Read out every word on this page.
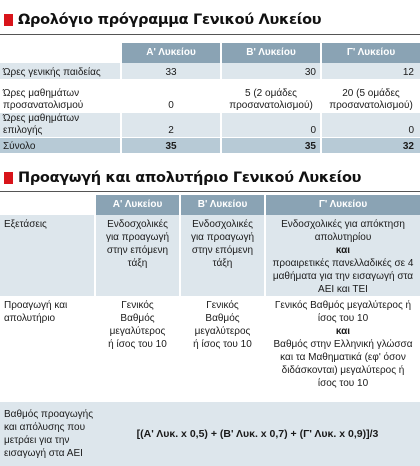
Ωρολόγιο πρόγραμμα Γενικού Λυκείου
	Α' Λυκείου	Β' Λυκείου	Γ' Λυκείου
Ώρες γενικής παιδείας	33	30	12
Ώρες μαθημάτων προσανατολισμού	0	5 (2 ομάδες προσανατολισμού)	20 (5 ομάδες προσανατολισμού)
Ώρες μαθημάτων επιλογής	2	0	0
Σύνολο	35	35	32
Προαγωγή και απολυτήριο Γενικού Λυκείου
	Α' Λυκείου	Β' Λυκείου	Γ' Λυκείου
Εξετάσεις	Ενδοσχολικές για προαγωγή στην επόμενη τάξη	Ενδοσχολικές για προαγωγή στην επόμενη τάξη	Ενδοσχολικές για απόκτηση απολυτηρίου
και
προαιρετικές πανελλαδικές σε 4 μαθήματα για την εισαγωγή στα ΑΕΙ και ΤΕΙ

Προαγωγή και απολυτήριο	Γενικός Βαθμός μεγαλύτερος ή ίσος του 10	Γενικός Βαθμός μεγαλύτερος ή ίσος του 10	Γενικός Βαθμός μεγαλύτερος ή ίσος του 10
και
Βαθμός στην Ελληνική γλώσσα και τα Μαθηματικά (εφ' όσον διδάσκονται) μεγαλύτερος ή ίσος του 10

Βαθμός προαγωγής και απόλυσης που μετράει για την εισαγωγή στα ΑΕΙ	[(Α' Λυκ. x 0,5) + (Β' Λυκ. x 0,7) + (Γ' Λυκ. x 0,9)]/3		
